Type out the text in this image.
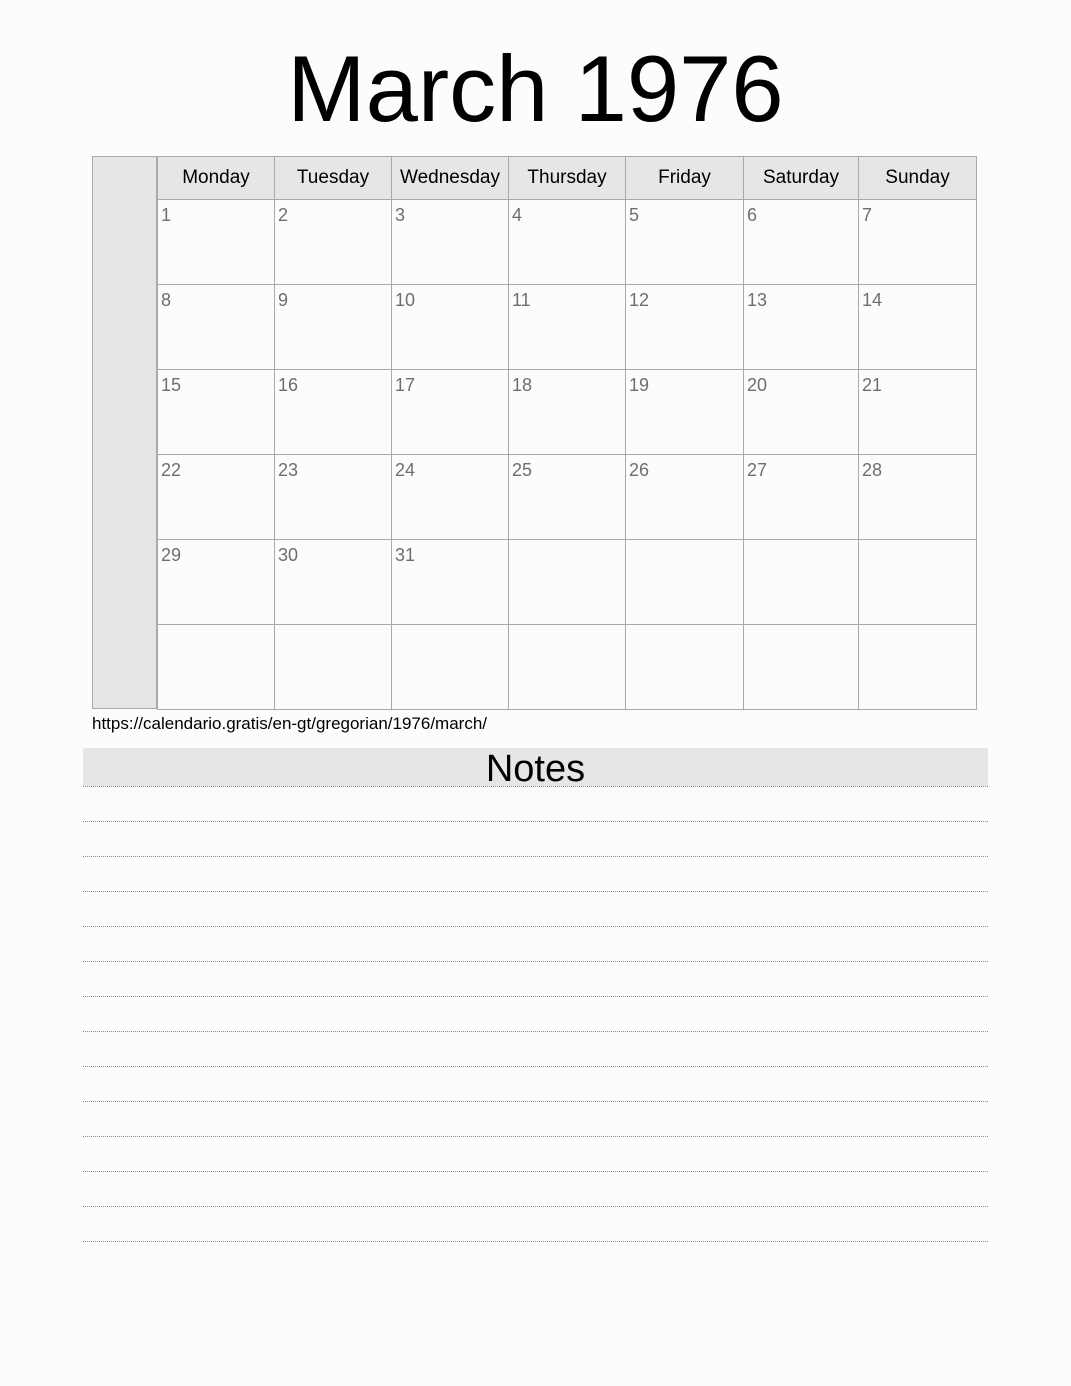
March 1976
Monday	Tuesday	Wednesday	Thursday	Friday	Saturday	Sunday
1	2	3	4	5	6	7
8	9	10	11	12	13	14
15	16	17	18	19	20	21
22	23	24	25	26	27	28
29	30	31
https://calendario.gratis/en-gt/gregorian/1976/march/
Notes
